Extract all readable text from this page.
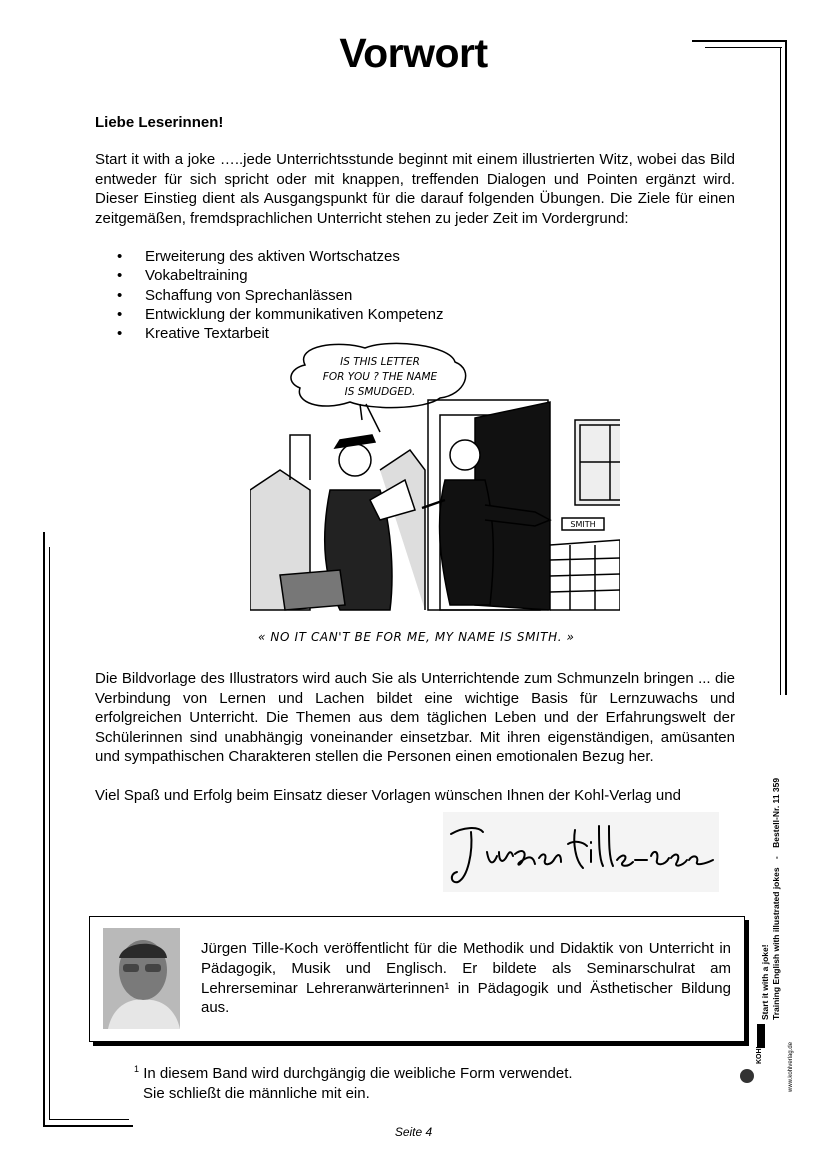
Vorwort
Liebe Leserinnen!
Start it with a joke …..jede Unterrichtsstunde beginnt mit einem illustrierten Witz, wobei das Bild entweder für sich spricht oder mit knappen, treffenden Dialogen und Pointen ergänzt wird. Dieser Einstieg dient als Ausgangspunkt für die darauf folgenden Übungen. Die Ziele für einen zeitgemäßen, fremdsprachlichen Unterricht stehen zu jeder Zeit im Vordergrund:
• Erweiterung des aktiven Wortschatzes
• Vokabeltraining
• Schaffung von Sprechanlässen
• Entwicklung der kommunikativen Kompetenz
• Kreative Textarbeit
IS THIS LETTER
FOR YOU ? THE NAME
IS SMUDGED.
SMITH
« NO IT CAN'T BE FOR ME, MY NAME IS SMITH. »
Die Bildvorlage des Illustrators wird auch Sie als Unterrichtende zum Schmunzeln bringen ... die Verbindung von Lernen und Lachen bildet eine wichtige Basis für Lernzuwachs und erfolgreichen Unterricht. Die Themen aus dem täglichen Leben und der Erfahrungswelt der Schülerinnen sind unabhängig voneinander einsetzbar. Mit ihren eigenständigen, amüsanten und sympathischen Charakteren stellen die Personen einen emotionalen Bezug her.
Viel Spaß und Erfolg beim Einsatz dieser Vorlagen wünschen Ihnen der Kohl-Verlag und
Jürgen Tille-Koch veröffentlicht für die Methodik und Didaktik von Unterricht in Pädagogik, Musik und Englisch. Er bildete als Seminarschulrat am Lehrerseminar Lehreranwärterinnen¹ in Pädagogik und Ästhetischer Bildung aus.
$^1$ In diesem Band wird durchgängig die weibliche Form verwendet.
Sie schließt die männliche mit ein.
Seite 4
Start it with a joke! Training English with illustrated jokes - Bestell-Nr. 11 359
KOHL	www.kohlverlag.de
